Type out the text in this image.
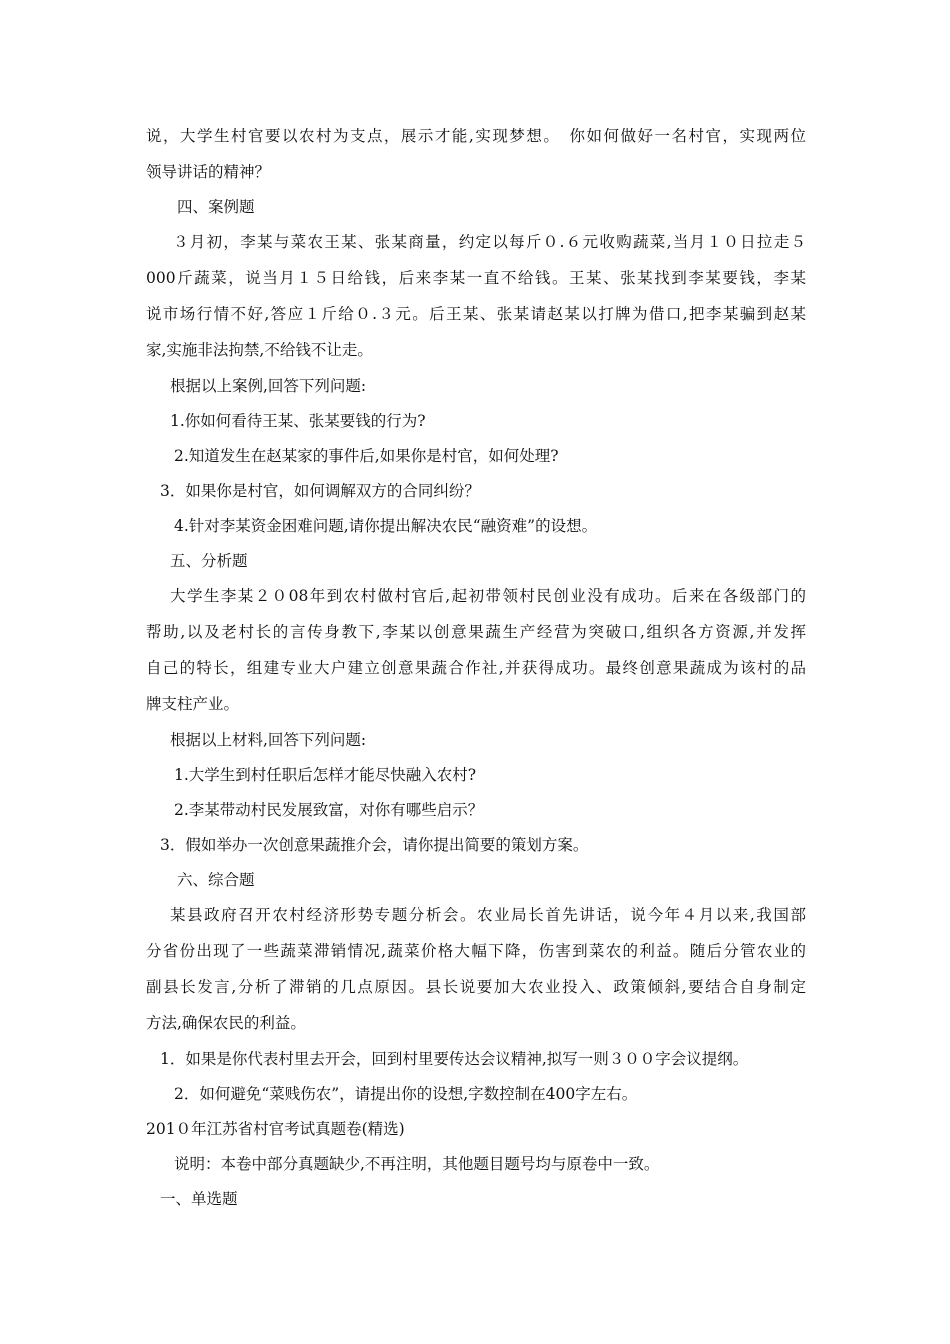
说，大学生村官要以农村为支点，展示才能,实现梦想。　你如何做好一名村官，实现两位
领导讲话的精神？
四、案例题
３月初，李某与菜农王某、张某商量，约定以每斤０.６元收购蔬菜,当月１０日拉走５
000斤蔬菜，说当月１５日给钱，后来李某一直不给钱。王某、张某找到李某要钱，李某
说市场行情不好,答应１斤给０.３元。后王某、张某请赵某以打牌为借口,把李某骗到赵某
家,实施非法拘禁,不给钱不让走。
根据以上案例,回答下列问题:
1.你如何看待王某、张某要钱的行为?
2.知道发生在赵某家的事件后,如果你是村官，如何处理?
3．如果你是村官，如何调解双方的合同纠纷？
4.针对李某资金困难问题,请你提出解决农民“融资难”的设想。
五、分析题
大学生李某２０08年到农村做村官后,起初带领村民创业没有成功。后来在各级部门的
帮助,以及老村长的言传身教下,李某以创意果蔬生产经营为突破口,组织各方资源,并发挥
自己的特长，组建专业大户建立创意果蔬合作社,并获得成功。最终创意果蔬成为该村的品
牌支柱产业。
根据以上材料,回答下列问题:
1.大学生到村任职后怎样才能尽快融入农村?
2.李某带动村民发展致富，对你有哪些启示？
3．假如举办一次创意果蔬推介会，请你提出简要的策划方案。
六、综合题
某县政府召开农村经济形势专题分析会。农业局长首先讲话，说今年４月以来,我国部
分省份出现了一些蔬菜滞销情况,蔬菜价格大幅下降，伤害到菜农的利益。随后分管农业的
副县长发言,分析了滞销的几点原因。县长说要加大农业投入、政策倾斜,要结合自身制定
方法,确保农民的利益。
1．如果是你代表村里去开会，回到村里要传达会议精神,拟写一则３００字会议提纲。
2．如何避免“菜贱伤农”，请提出你的设想,字数控制在400字左右。
201０年江苏省村官考试真题卷(精选)
说明：本卷中部分真题缺少,不再注明，其他题目题号均与原卷中一致。
一、单选题
